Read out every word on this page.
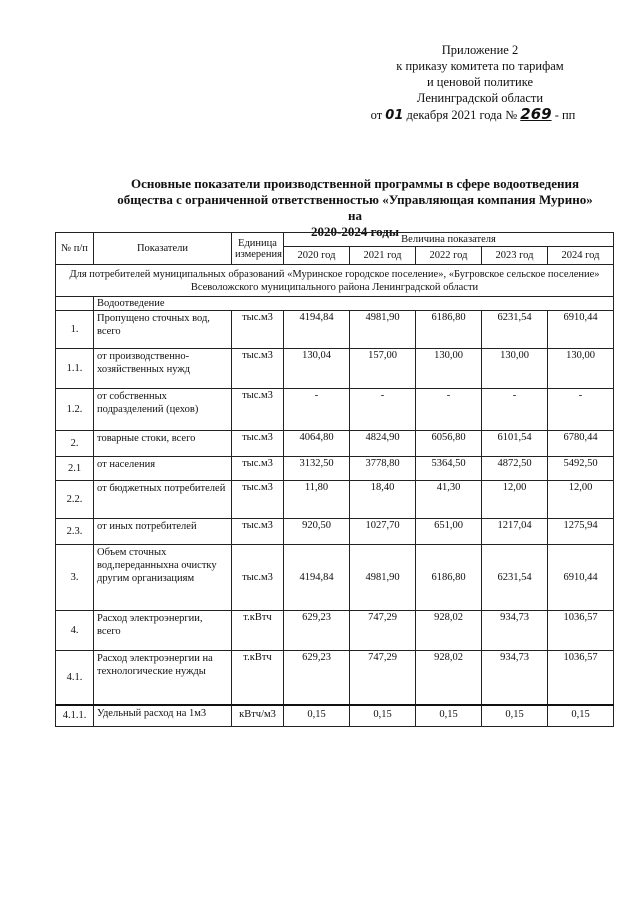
Приложение 2
к приказу комитета по тарифам
и ценовой политике
Ленинградской области
от 01 декабря 2021 года № 269 - пп
Основные показатели производственной программы в сфере водоотведения
общества с ограниченной ответственностью «Управляющая компания Мурино» на
2020-2024 годы
№ п/п	Показатели	Единица измерения	Величина показателя				
			2020 год	2021 год	2022 год	2023 год	2024 год
Для потребителей муниципальных образований «Муринское городское поселение», «Бугровское сельское поселение» Всеволожского муниципального района Ленинградской области							
	Водоотведение						
1.	Пропущено сточных вод, всего	тыс.м3	4194,84	4981,90	6186,80	6231,54	6910,44
1.1.	от производственно-хозяйственных нужд	тыс.м3	130,04	157,00	130,00	130,00	130,00
1.2.	от собственных подразделений (цехов)	тыс.м3	-	-	-	-	-
2.	товарные стоки, всего	тыс.м3	4064,80	4824,90	6056,80	6101,54	6780,44
2.1	от населения	тыс.м3	3132,50	3778,80	5364,50	4872,50	5492,50
2.2.	от бюджетных потребителей	тыс.м3	11,80	18,40	41,30	12,00	12,00
2.3.	от иных потребителей	тыс.м3	920,50	1027,70	651,00	1217,04	1275,94
3.	Объем сточных вод,переданныхна очистку другим организациям	тыс.м3	4194,84	4981,90	6186,80	6231,54	6910,44
4.	Расход электроэнергии, всего	т.кВтч	629,23	747,29	928,02	934,73	1036,57
4.1.	Расход электроэнергии на технологические нужды	т.кВтч	629,23	747,29	928,02	934,73	1036,57
4.1.1.	Удельный расход на 1м3	кВтч/м3	0,15	0,15	0,15	0,15	0,15
